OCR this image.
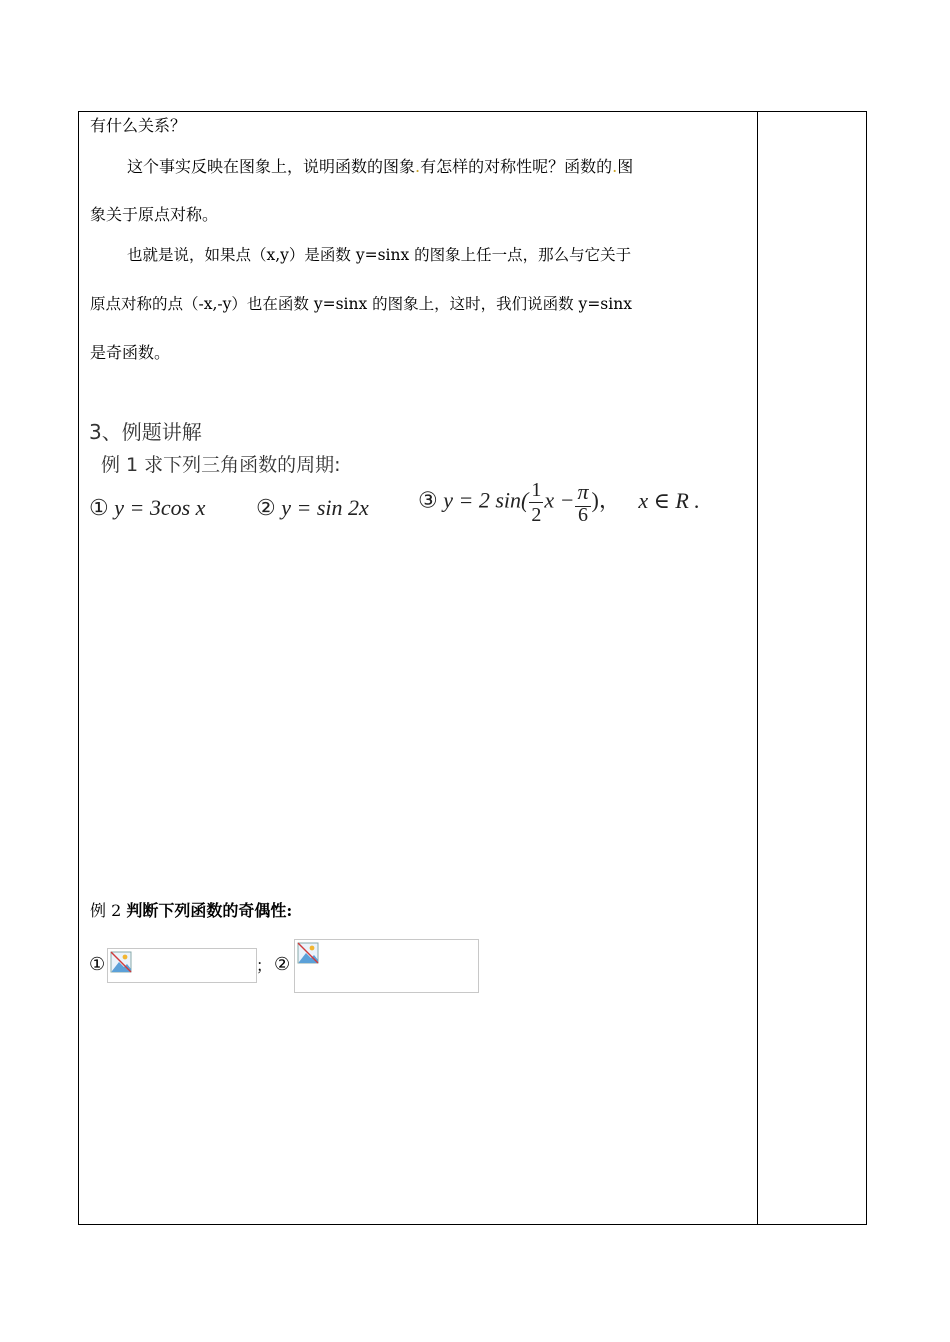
有什么关系？
这个事实反映在图象上，说明函数的图象.有怎样的对称性呢？函数的.图
象关于原点对称。
也就是说，如果点（x,y）是函数 y=sinx 的图象上任一点，那么与它关于
原点对称的点（-x,-y）也在函数 y=sinx 的图象上，这时，我们说函数 y=sinx
是奇函数。
3、例题讲解
例 1 求下列三角函数的周期:
① y = 3cos x ② y = sin 2x ③ y = 2 $\sin( \frac{1}{2}$ $x -\frac{\pi}{6}$ )， x ∈ R .
例 2 判断下列函数的奇偶性:
①	； ②
